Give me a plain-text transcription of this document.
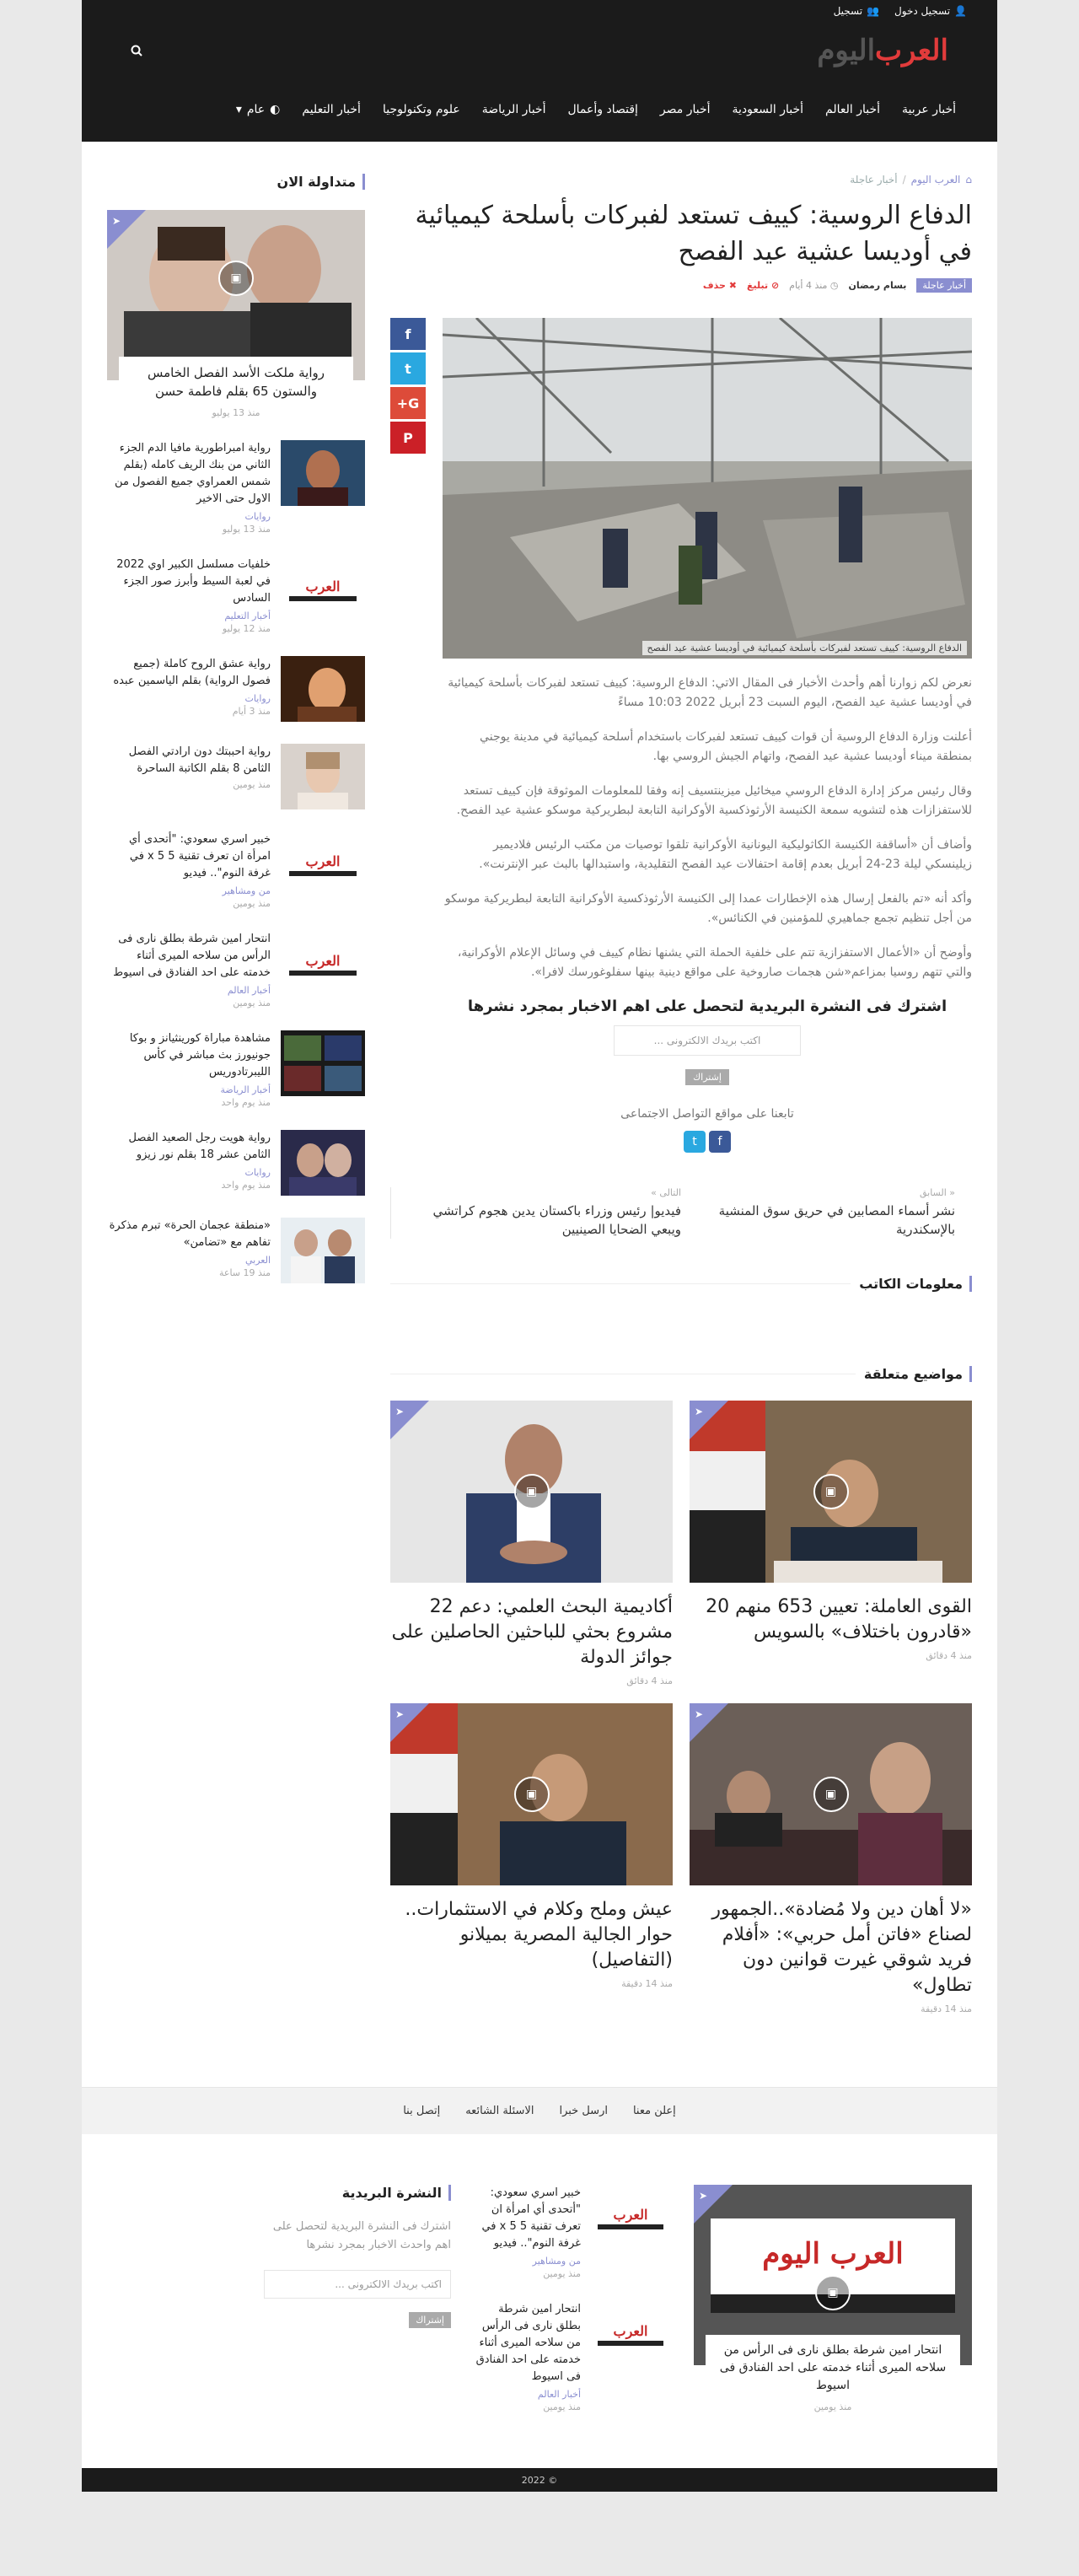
👤
تسجيل دخول
👥
تسجيل
العرب
اليوم
أخبار عربية
أخبار العالم
أخبار السعودية
أخبار مصر
إقتصاد وأعمال
أخبار الرياضة
علوم وتكنولوجيا
أخبار التعليم
◐
عام
▾
⌂
العرب اليوم
/
أخبار عاجلة
الدفاع الروسية: كييف تستعد لفبركات بأسلحة كيميائية في أوديسا عشية عيد الفصح
أخبار عاجلة
بسام رمضان
◷ منذ 4 أيام
⊘ تبليغ
✖ حذف
الدفاع الروسية: كييف تستعد لفبركات بأسلحة كيميائية في أوديسا عشية عيد الفصح
f
t
G+
P

نعرض لكم زوارنا أهم وأحدث الأخبار فى المقال الاتي: الدفاع الروسية: كييف تستعد لفبركات بأسلحة كيميائية في أوديسا عشية عيد الفصح، اليوم السبت 23 أبريل 2022 10:03 مساءً

أعلنت وزارة الدفاع الروسية أن قوات كييف تستعد لفبركات باستخدام أسلحة كيميائية في مدينة يوجني بمنطقة ميناء أوديسا عشية عيد الفصح، واتهام الجيش الروسي بها.

وقال رئيس مركز إدارة الدفاع الروسي ميخائيل ميزينتسيف إنه وفقا للمعلومات الموثوقة فإن كييف تستعد للاستفزازات هذه لتشويه سمعة الكنيسة الأرثوذكسية الأوكرانية التابعة لبطريركية موسكو عشية عيد الفصح.

وأضاف أن «أساقفة الكنيسة الكاثوليكية اليونانية الأوكرانية تلقوا توصيات من مكتب الرئيس فلاديمير زيلينسكي ليلة 23-24 أبريل بعدم إقامة احتفالات عيد الفصح التقليدية، واستبدالها بالبث عبر الإنترنت».

وأكد أنه «تم بالفعل إرسال هذه الإخطارات عمدا إلى الكنيسة الأرثوذكسية الأوكرانية التابعة لبطريركية موسكو من أجل تنظيم تجمع جماهيري للمؤمنين في الكنائس».

وأوضح أن «الأعمال الاستفزازية تتم على خلفية الحملة التي يشنها نظام كييف في وسائل الإعلام الأوكرانية، والتي تتهم روسيا بمزاعم«شن هجمات صاروخية على مواقع دينية بينها سفلوغورسك لافرا».

اشترك فى النشرة البريدية لتحصل على اهم الاخبار بمجرد نشرها
اكتب بريدك الالكترونى ...
إشتراك
تابعنا على مواقع التواصل الاجتماعى
f
t
« السابق
نشر أسماء المصابين في حريق سوق المنشية بالإسكندرية
التالى »
فيديو| رئيس وزراء باكستان يدين هجوم كراتشي ويبعي الضحايا الصينيين
معلومات الكاتب
مواضيع متعلقة
➤
▣
القوى العاملة: تعيين 653 منهم 20 «قادرون باختلاف» بالسويس
منذ 4 دقائق
➤
▣
أكاديمية البحث العلمي: دعم 22 مشروع بحثي للباحثين الحاصلين على جوائز الدولة
منذ 4 دقائق
➤
▣
«لا أهان دين ولا مُضادة»..الجمهور لصناع «فاتن أمل حربي»: «أفلام فريد شوقي غيرت قوانين دون تطاول»
منذ 14 دقيقة
➤
▣
عيش وملح وكلام في الاستثمارات.. حوار الجالية المصرية بميلانو (التفاصيل)
منذ 14 دقيقة
متداولة الان
➤
▣
رواية ملكت الأسد الفصل الخامس والستون 65 بقلم فاطمة حسن
منذ 13 يوليو
رواية امبراطورية مافيا الدم الجزء الثاني من بنك الريف كامله (بقلم شمس العمراوي جميع الفصول من الاول حتى الاخير
روايات
منذ 13 يوليو
العرب
خلفيات مسلسل الكبير اوي 2022 في لعبة السيط وأبرز صور الجزء السادس
أخبار التعليم
منذ 12 يوليو
رواية عشق الروح كاملة (جميع فصول الرواية) بقلم الياسمين عبده
روايات
منذ 3 أيام
رواية احببتك دون ارادتي الفصل الثامن 8 بقلم الكاتبة الساحرة
منذ يومين
العرب
خبير اسري سعودي: "أتحدى أي امرأة ان تعرف تقنية 5 x 5 في غرفة النوم".. فيديو
من ومشاهير
منذ يومين
العرب
انتحار امين شرطة بطلق نارى فى الرأس من سلاحه الميرى أثناء خدمته على احد الفنادق فى اسيوط
أخبار العالم
منذ يومين
مشاهدة مباراة كورينثيانز و بوكا جونيورز بث مباشر في كأس الليبرتادوريس
أخبار الرياضة
منذ يوم واحد
رواية هويت رجل الصعيد الفصل الثامن عشر 18 بقلم نور زيزو
روايات
منذ يوم واحد
«منطقة عجمان الحرة» تبرم مذكرة تفاهم مع «تضامن»
العربي
منذ 19 ساعة
إعلن معنا
ارسل خبرا
الاسئلة الشائعه
إتصل بنا
العرب اليوم
➤
▣
انتحار امين شرطة بطلق نارى فى الرأس من سلاحه الميرى أثناء خدمته على احد الفنادق فى اسيوط
منذ يومين
العرب
خبير اسري سعودي: "أتحدى أي امرأة ان تعرف تقنية 5 x 5 في غرفة النوم".. فيديو
من ومشاهير
منذ يومين
العرب
انتحار امين شرطة بطلق نارى فى الرأس من سلاحه الميرى أثناء خدمته على احد الفنادق فى اسيوط
أخبار العالم
منذ يومين
النشرة البريدية

اشترك فى النشرة البريدية لتحصل على اهم واحدث الاخبار بمجرد نشرها

اكتب بريدك الالكترونى ...
إشتراك
© 2022
